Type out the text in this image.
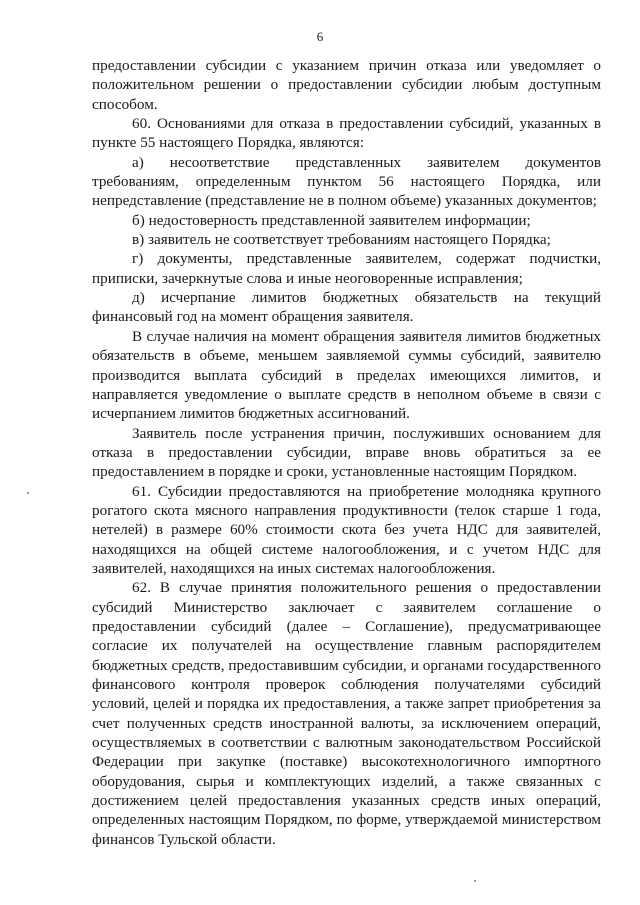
6

предоставлении субсидии с указанием причин отказа или уведомляет о положительном решении о предоставлении субсидии любым доступным способом.

60. Основаниями для отказа в предоставлении субсидий, указанных в пункте 55 настоящего Порядка, являются:

а) несоответствие представленных заявителем документов требованиям, определенным пунктом 56 настоящего Порядка, или непредставление (представление не в полном объеме) указанных документов;

б) недостоверность представленной заявителем информации;

в) заявитель не соответствует требованиям настоящего Порядка;

г) документы, представленные заявителем, содержат подчистки, приписки, зачеркнутые слова и иные неоговоренные исправления;

д) исчерпание лимитов бюджетных обязательств на текущий финансовый год на момент обращения заявителя.

В случае наличия на момент обращения заявителя лимитов бюджетных обязательств в объеме, меньшем заявляемой суммы субсидий, заявителю производится выплата субсидий в пределах имеющихся лимитов, и направляется уведомление о выплате средств в неполном объеме в связи с исчерпанием лимитов бюджетных ассигнований.

Заявитель после устранения причин, послуживших основанием для отказа в предоставлении субсидии, вправе вновь обратиться за ее предоставлением в порядке и сроки, установленные настоящим Порядком.

61. Субсидии предоставляются на приобретение молодняка крупного рогатого скота мясного направления продуктивности (телок старше 1 года, нетелей) в размере 60% стоимости скота без учета НДС для заявителей, находящихся на общей системе налогообложения, и с учетом НДС для заявителей, находящихся на иных системах налогообложения.

62. В случае принятия положительного решения о предоставлении субсидий Министерство заключает с заявителем соглашение о предоставлении субсидий (далее – Соглашение), предусматривающее согласие их получателей на осуществление главным распорядителем бюджетных средств, предоставившим субсидии, и органами государственного финансового контроля проверок соблюдения получателями субсидий условий, целей и порядка их предоставления, а также запрет приобретения за счет полученных средств иностранной валюты, за исключением операций, осуществляемых в соответствии с валютным законодательством Российской Федерации при закупке (поставке) высокотехнологичного импортного оборудования, сырья и комплектующих изделий, а также связанных с достижением целей предоставления указанных средств иных операций, определенных настоящим Порядком, по форме, утверждаемой министерством финансов Тульской области.
